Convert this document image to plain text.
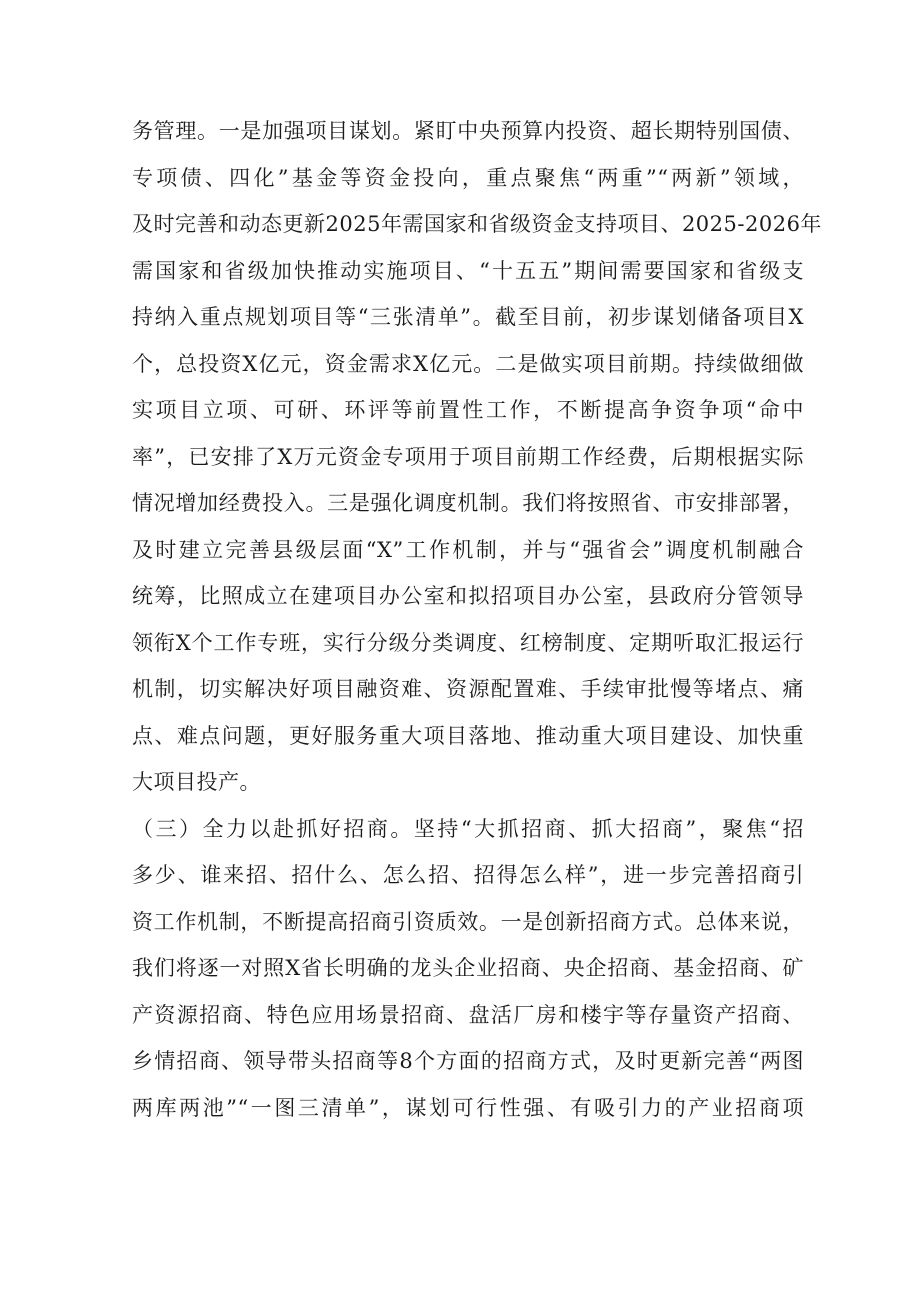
务管理。一是加强项目谋划。紧盯中央预算内投资、超长期特别国债、
专项债、四化”基金等资金投向，重点聚焦“两重”“两新”领域，
及时完善和动态更新2025年需国家和省级资金支持项目、2025-2026年
需国家和省级加快推动实施项目、“十五五”期间需要国家和省级支
持纳入重点规划项目等“三张清单”。截至目前，初步谋划储备项目X
个，总投资X亿元，资金需求X亿元。二是做实项目前期。持续做细做
实项目立项、可研、环评等前置性工作，不断提高争资争项“命中
率”，已安排了X万元资金专项用于项目前期工作经费，后期根据实际
情况增加经费投入。三是强化调度机制。我们将按照省、市安排部署，
及时建立完善县级层面“X”工作机制，并与“强省会”调度机制融合
统筹，比照成立在建项目办公室和拟招项目办公室，县政府分管领导
领衔X个工作专班，实行分级分类调度、红榜制度、定期听取汇报运行
机制，切实解决好项目融资难、资源配置难、手续审批慢等堵点、痛
点、难点问题，更好服务重大项目落地、推动重大项目建设、加快重
大项目投产。
（三）全力以赴抓好招商。坚持“大抓招商、抓大招商”，聚焦“招
多少、谁来招、招什么、怎么招、招得怎么样”，进一步完善招商引
资工作机制，不断提高招商引资质效。一是创新招商方式。总体来说，
我们将逐一对照X省长明确的龙头企业招商、央企招商、基金招商、矿
产资源招商、特色应用场景招商、盘活厂房和楼宇等存量资产招商、
乡情招商、领导带头招商等8个方面的招商方式，及时更新完善“两图
两库两池”“一图三清单”，谋划可行性强、有吸引力的产业招商项
